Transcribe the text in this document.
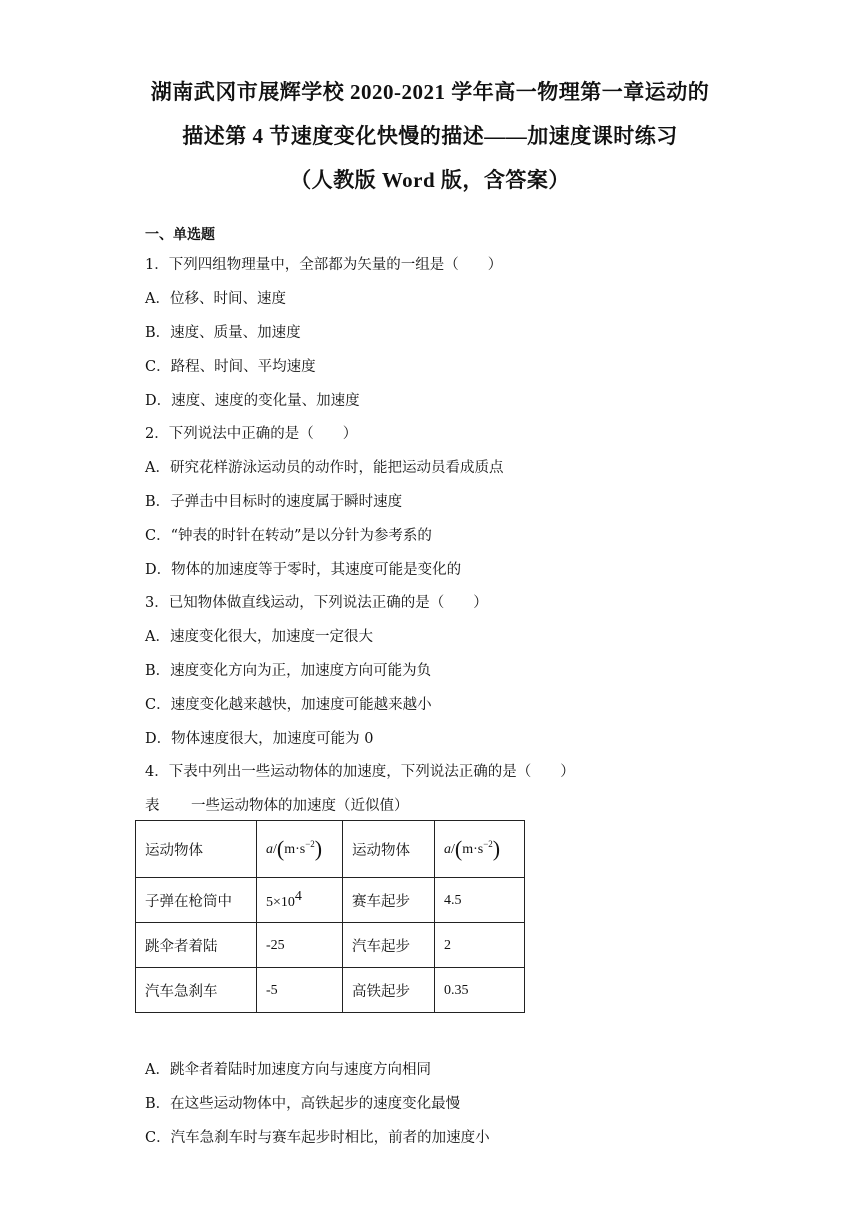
湖南武冈市展辉学校 2020-2021 学年高一物理第一章运动的
描述第 4 节速度变化快慢的描述——加速度课时练习
（人教版 Word 版，含答案）
一、单选题
1．下列四组物理量中，全部都为矢量的一组是（　　）
A．位移、时间、速度
B．速度、质量、加速度
C．路程、时间、平均速度
D．速度、速度的变化量、加速度
2．下列说法中正确的是（　　）
A．研究花样游泳运动员的动作时，能把运动员看成质点
B．子弹击中目标时的速度属于瞬时速度
C．“钟表的时针在转动”是以分针为参考系的
D．物体的加速度等于零时，其速度可能是变化的
3．已知物体做直线运动，下列说法正确的是（　　）
A．速度变化很大，加速度一定很大
B．速度变化方向为正，加速度方向可能为负
C．速度变化越来越快，加速度可能越来越小
D．物体速度很大，加速度可能为 0
4．下表中列出一些运动物体的加速度，下列说法正确的是（　　）
表 一些运动物体的加速度（近似值）
运动物体	$a/(m\cdot s^{-2})$	运动物体	$a/(m\cdot s^{-2})$
子弹在枪筒中	$5\times 10^4$	赛车起步	4.5
跳伞者着陆	-25	汽车起步	2
汽车急刹车	-5	高铁起步	0.35
A．跳伞者着陆时加速度方向与速度方向相同
B．在这些运动物体中，高铁起步的速度变化最慢
C．汽车急刹车时与赛车起步时相比，前者的加速度小
